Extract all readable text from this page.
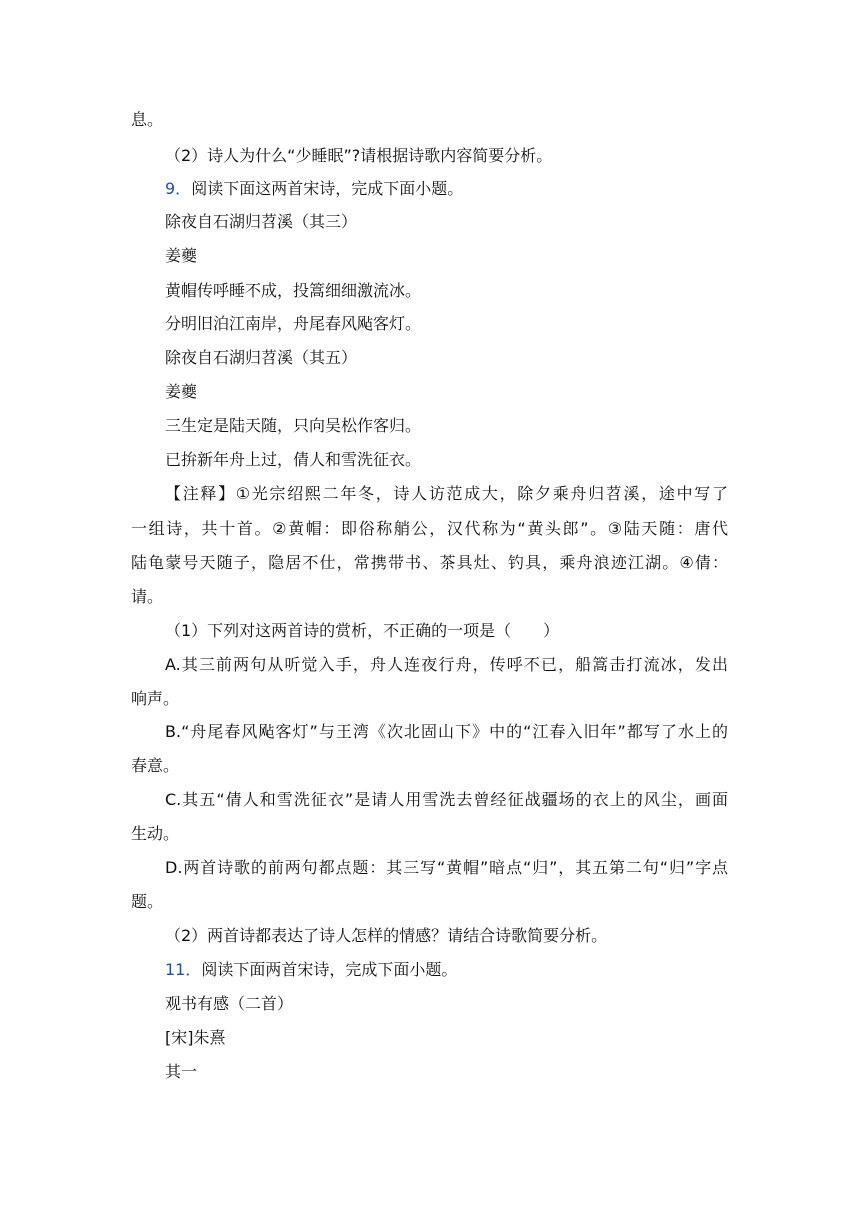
息。
（2）诗人为什么“少睡眠”?请根据诗歌内容简要分析。
9．阅读下面这两首宋诗，完成下面小题。
除夜自石湖归苕溪（其三）
姜夔
黄帽传呼睡不成，投篙细细激流冰。
分明旧泊江南岸，舟尾春风飐客灯。
除夜自石湖归苕溪（其五）
姜夔
三生定是陆天随，只向吴松作客归。
已拚新年舟上过，倩人和雪洗征衣。
【注释】①光宗绍熙二年冬，诗人访范成大，除夕乘舟归苕溪，途中写了
一组诗，共十首。②黄帽：即俗称艄公，汉代称为“黄头郎”。③陆天随：唐代
陆龟蒙号天随子，隐居不仕，常携带书、茶具灶、钓具，乘舟浪迹江湖。④倩：
请。
（1）下列对这两首诗的赏析，不正确的一项是（　　）
A.其三前两句从听觉入手，舟人连夜行舟，传呼不已，船篙击打流冰，发出
响声。
B.“舟尾春风飐客灯”与王湾《次北固山下》中的“江春入旧年”都写了水上的
春意。
C.其五“倩人和雪洗征衣”是请人用雪洗去曾经征战疆场的衣上的风尘，画面
生动。
D.两首诗歌的前两句都点题：其三写“黄帽”暗点“归”，其五第二句“归”字点
题。
（2）两首诗都表达了诗人怎样的情感？请结合诗歌简要分析。
11．阅读下面两首宋诗，完成下面小题。
观书有感（二首）
[宋]朱熹
其一
